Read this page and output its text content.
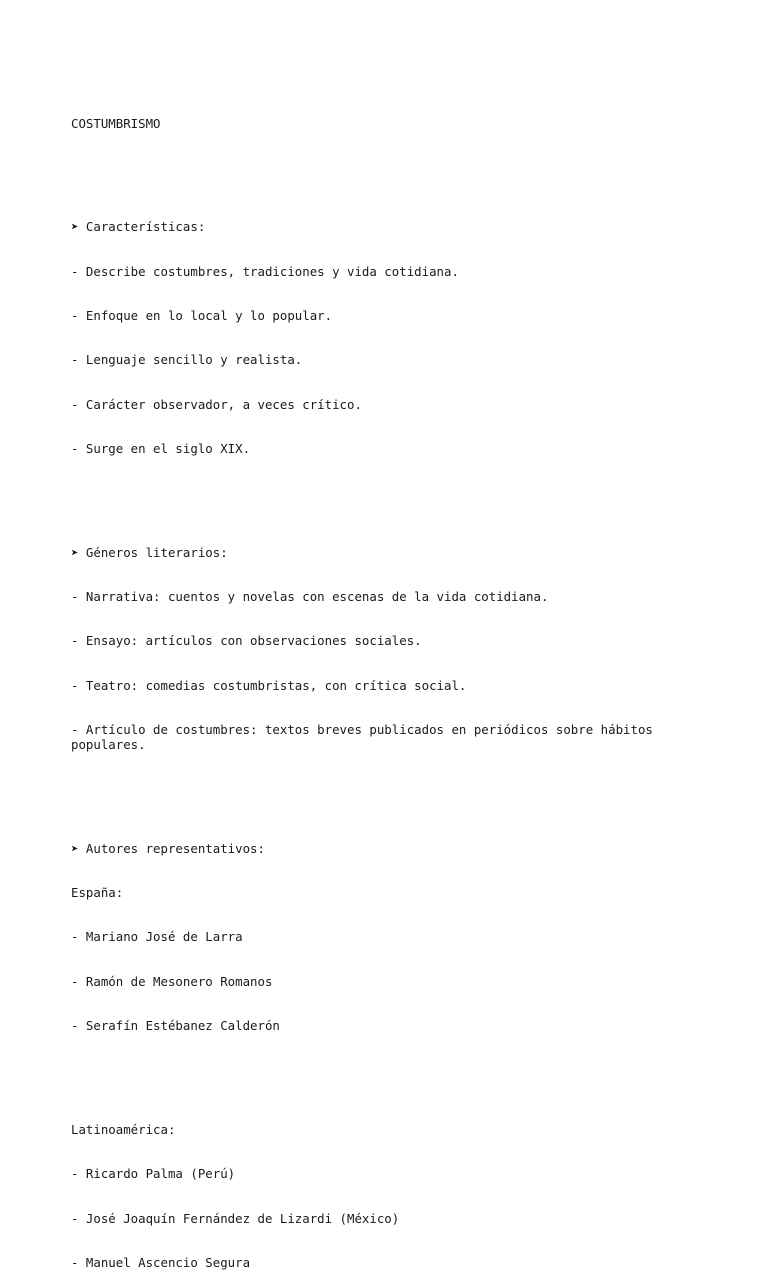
COSTUMBRISMO

➤ Características:

- Describe costumbres, tradiciones y vida cotidiana.

- Enfoque en lo local y lo popular.

- Lenguaje sencillo y realista.

- Carácter observador, a veces crítico.

- Surge en el siglo XIX.

➤ Géneros literarios:

- Narrativa: cuentos y novelas con escenas de la vida cotidiana.

- Ensayo: artículos con observaciones sociales.

- Teatro: comedias costumbristas, con crítica social.

- Artículo de costumbres: textos breves publicados en periódicos sobre hábitos populares.

➤ Autores representativos:

España:

- Mariano José de Larra

- Ramón de Mesonero Romanos

- Serafín Estébanez Calderón

Latinoamérica:

- Ricardo Palma (Perú)

- José Joaquín Fernández de Lizardi (México)

- Manuel Ascencio Segura
